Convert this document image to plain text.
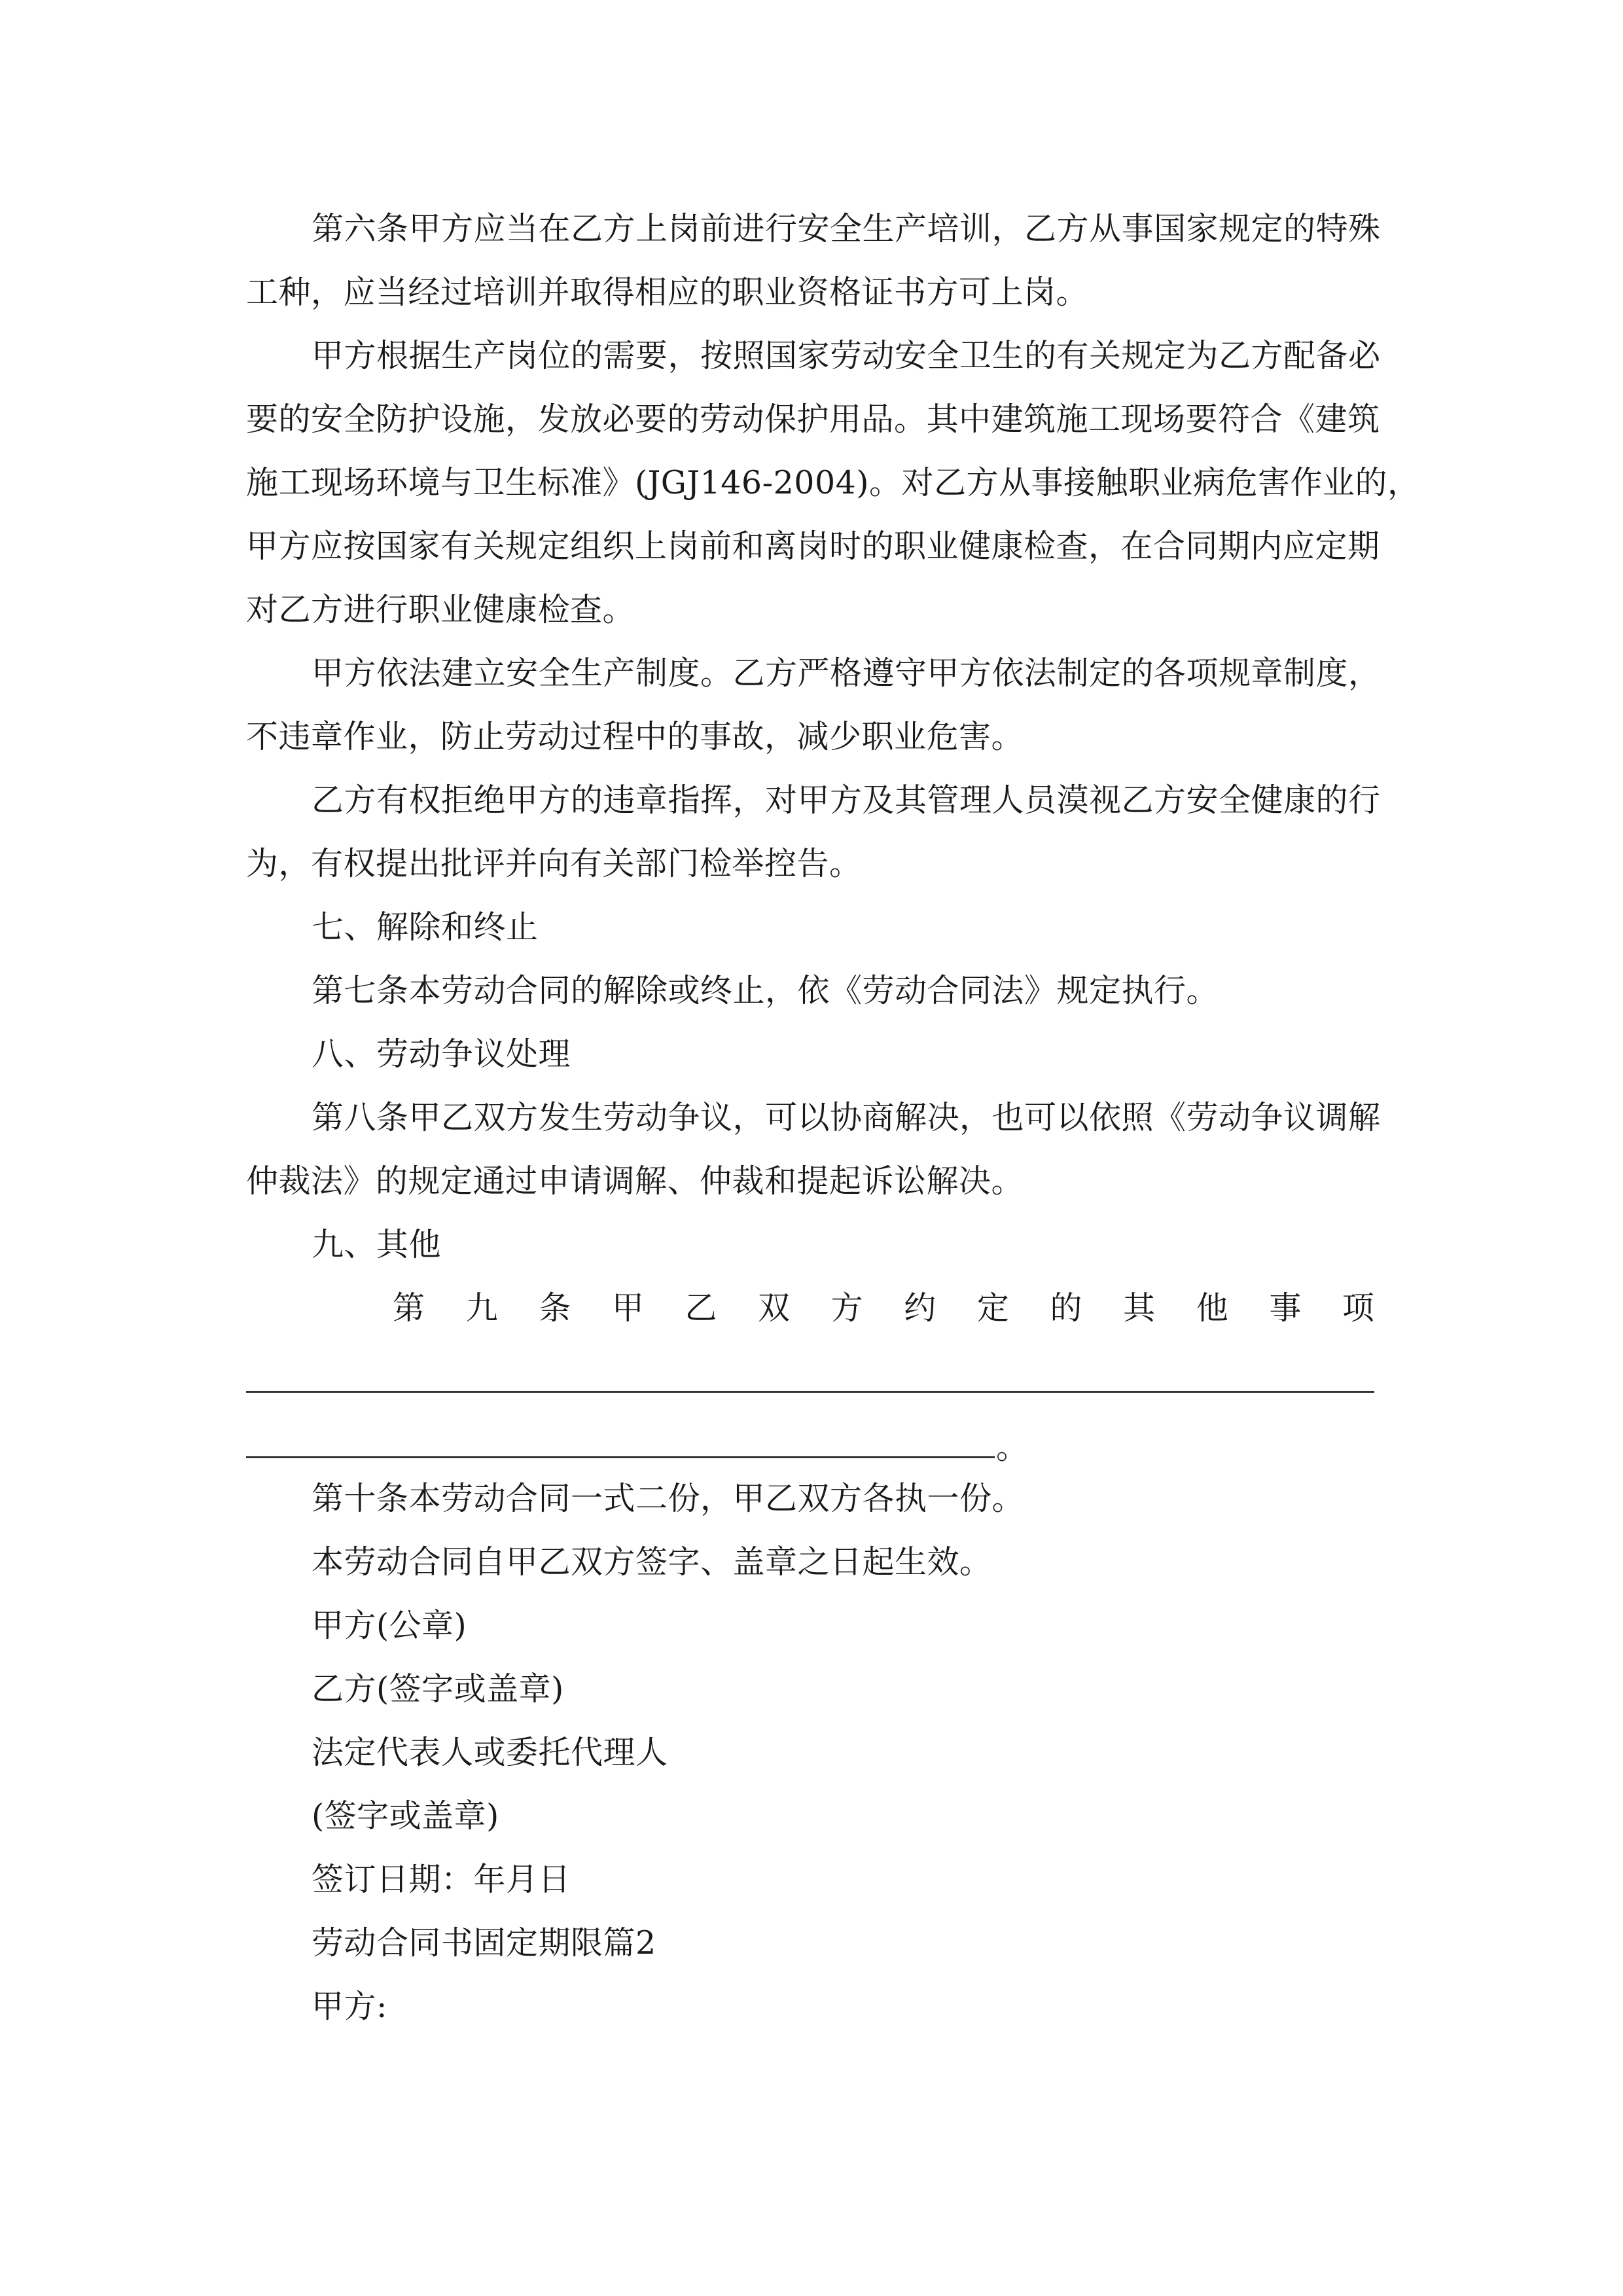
第六条甲方应当在乙方上岗前进行安全生产培训，乙方从事国家规定的特殊
工种，应当经过培训并取得相应的职业资格证书方可上岗。
甲方根据生产岗位的需要，按照国家劳动安全卫生的有关规定为乙方配备必
要的安全防护设施，发放必要的劳动保护用品。其中建筑施工现场要符合《建筑
施工现场环境与卫生标准》(JGJ146-2004)。对乙方从事接触职业病危害作业的，
甲方应按国家有关规定组织上岗前和离岗时的职业健康检查，在合同期内应定期
对乙方进行职业健康检查。
甲方依法建立安全生产制度。乙方严格遵守甲方依法制定的各项规章制度，
不违章作业，防止劳动过程中的事故，减少职业危害。
乙方有权拒绝甲方的违章指挥，对甲方及其管理人员漠视乙方安全健康的行
为，有权提出批评并向有关部门检举控告。
七、解除和终止
第七条本劳动合同的解除或终止，依《劳动合同法》规定执行。
八、劳动争议处理
第八条甲乙双方发生劳动争议，可以协商解决，也可以依照《劳动争议调解
仲裁法》的规定通过申请调解、仲裁和提起诉讼解决。
九、其他
第 九 条 甲 乙 双 方 约 定 的 其 他 事 项
。
第十条本劳动合同一式二份，甲乙双方各执一份。
本劳动合同自甲乙双方签字、盖章之日起生效。
甲方(公章)
乙方(签字或盖章)
法定代表人或委托代理人
(签字或盖章)
签订日期：年月日
劳动合同书固定期限篇2
甲方:
